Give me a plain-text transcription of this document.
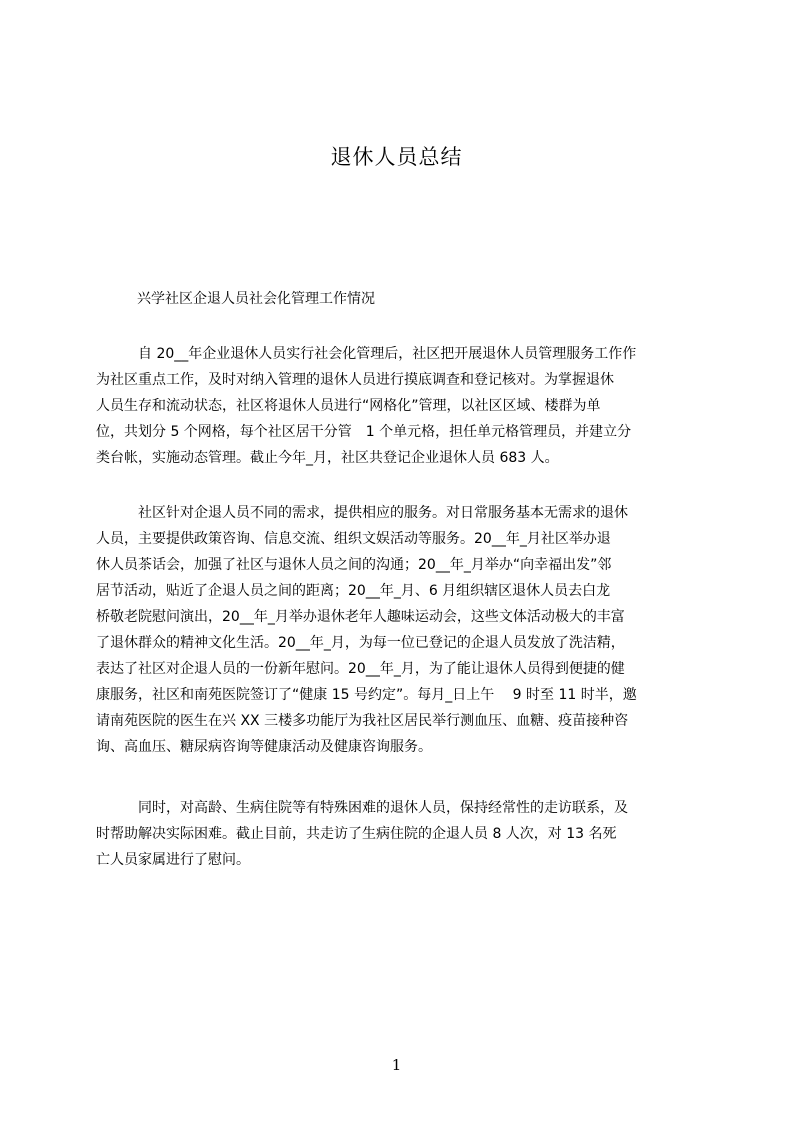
退休人员总结
兴学社区企退人员社会化管理工作情况
自 20__年企业退休人员实行社会化管理后，社区把开展退休人员管理服务工作作
为社区重点工作，及时对纳入管理的退休人员进行摸底调查和登记核对。为掌握退休
人员生存和流动状态，社区将退休人员进行“网格化”管理，以社区区域、楼群为单
位，共划分 5 个网格，每个社区居干分管　1 个单元格，担任单元格管理员，并建立分
类台帐，实施动态管理。截止今年_月，社区共登记企业退休人员 683 人。
社区针对企退人员不同的需求，提供相应的服务。对日常服务基本无需求的退休
人员，主要提供政策咨询、信息交流、组织文娱活动等服务。20__年_月社区举办退
休人员茶话会，加强了社区与退休人员之间的沟通；20__年_月举办“向幸福出发”邻
居节活动，贴近了企退人员之间的距离；20__年_月、6 月组织辖区退休人员去白龙
桥敬老院慰问演出，20__年_月举办退休老年人趣味运动会，这些文体活动极大的丰富
了退休群众的精神文化生活。20__年_月，为每一位已登记的企退人员发放了洗洁精，
表达了社区对企退人员的一份新年慰问。20__年_月，为了能让退休人员得到便捷的健
康服务，社区和南苑医院签订了“健康 15 号约定”。每月_日上午　 9 时至 11 时半，邀
请南苑医院的医生在兴 XX 三楼多功能厅为我社区居民举行测血压、血糖、疫苗接种咨
询、高血压、糖尿病咨询等健康活动及健康咨询服务。
同时，对高龄、生病住院等有特殊困难的退休人员，保持经常性的走访联系，及
时帮助解决实际困难。截止目前，共走访了生病住院的企退人员 8 人次，对 13 名死
亡人员家属进行了慰问。
1
